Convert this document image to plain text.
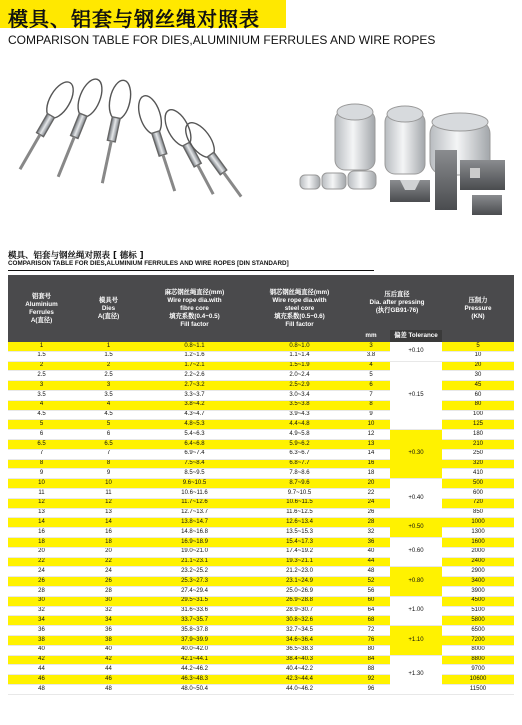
模具、铝套与钢丝绳对照表
COMPARISON TABLE FOR DIES,ALUMINIUM FERRULES AND WIRE ROPES
模具、铝套与钢丝绳对照表 [ 德标 ]
COMPARISON TABLE FOR DIES,ALUMINIUM FERRULES AND WIRE ROPES [DIN STANDARD]
铝套号
Aluminium
Ferrules
A(直径)	模具号
Dies
A(直径)	麻芯钢丝绳直径(mm)
Wire rope dia.with
fibre core
填充系数(0.4~0.5)
Fill factor	钢芯钢丝绳直径(mm)
Wire rope dia.with
steel core
填充系数(0.5~0.6)
Fill factor	压后直径
Dia. after pressing
(执行GB91-76)		压制力
Pressure
(KN)
				mm	偏差 Tolerance	
1	1	0.8~1.1	0.8~1.0	3	+0.10	5
1.5	1.5	1.2~1.6	1.1~1.4	3.8		10
2	2	1.7~2.1	1.5~1.9	4	+0.15	20
2.5	2.5	2.2~2.6	2.0~2.4	5		30
3	3	2.7~3.2	2.5~2.9	6		45
3.5	3.5	3.3~3.7	3.0~3.4	7		60
4	4	3.8~4.2	3.5~3.8	8		80
4.5	4.5	4.3~4.7	3.9~4.3	9		100
5	5	4.8~5.3	4.4~4.8	10		125
6	6	5.4~6.3	4.9~5.8	12	+0.30	180
6.5	6.5	6.4~6.8	5.9~6.2	13		210
7	7	6.9~7.4	6.3~6.7	14		250
8	8	7.5~8.4	6.8~7.7	16		320
9	9	8.5~9.5	7.8~8.6	18		410
10	10	9.6~10.5	8.7~9.6	20	+0.40	500
11	11	10.6~11.6	9.7~10.5	22		600
12	12	11.7~12.6	10.6~11.5	24		720
13	13	12.7~13.7	11.6~12.5	26		850
14	14	13.8~14.7	12.6~13.4	28	+0.50	1000
16	16	14.8~16.8	13.5~15.3	32		1300
18	18	16.9~18.9	15.4~17.3	36	+0.60	1600
20	20	19.0~21.0	17.4~19.2	40		2000
22	22	21.1~23.1	19.3~21.1	44		2400
24	24	23.2~25.2	21.2~23.0	48	+0.80	2900
26	26	25.3~27.3	23.1~24.9	52		3400
28	28	27.4~29.4	25.0~26.9	56		3900
30	30	29.5~31.5	26.9~28.8	60	+1.00	4500
32	32	31.6~33.6	28.9~30.7	64		5100
34	34	33.7~35.7	30.8~32.6	68		5800
36	36	35.8~37.8	32.7~34.5	72	+1.10	6500
38	38	37.9~39.9	34.6~36.4	76		7200
40	40	40.0~42.0	36.5~38.3	80		8000
42	42	42.1~44.1	38.4~40.3	84	+1.30	8800
44	44	44.2~46.2	40.4~42.2	88		9700
46	46	46.3~48.3	42.3~44.4	92		10600
48	48	48.0~50.4	44.0~46.2	96		11500
